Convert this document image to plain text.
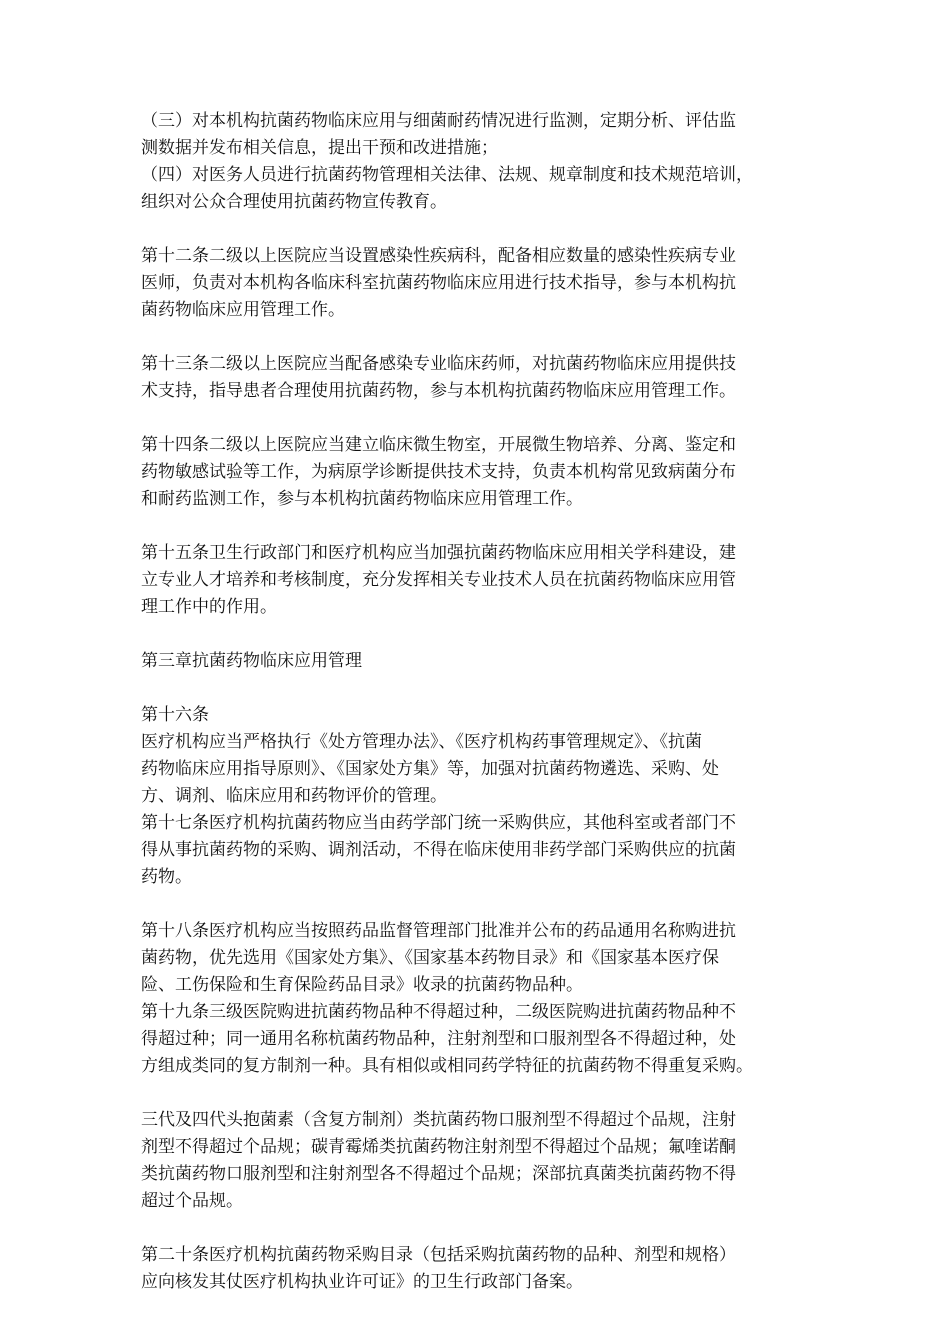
（三）对本机构抗菌药物临床应用与细菌耐药情况进行监测，定期分析、评估监
测数据并发布相关信息，提出干预和改进措施；
（四）对医务人员进行抗菌药物管理相关法律、法规、规章制度和技术规范培训，
组织对公众合理使用抗菌药物宣传教育。
第十二条二级以上医院应当设置感染性疾病科，配备相应数量的感染性疾病专业
医师，负责对本机构各临床科室抗菌药物临床应用进行技术指导，参与本机构抗
菌药物临床应用管理工作。
第十三条二级以上医院应当配备感染专业临床药师，对抗菌药物临床应用提供技
术支持，指导患者合理使用抗菌药物，参与本机构抗菌药物临床应用管理工作。
第十四条二级以上医院应当建立临床微生物室，开展微生物培养、分离、鉴定和
药物敏感试验等工作，为病原学诊断提供技术支持，负责本机构常见致病菌分布
和耐药监测工作，参与本机构抗菌药物临床应用管理工作。
第十五条卫生行政部门和医疗机构应当加强抗菌药物临床应用相关学科建设，建
立专业人才培养和考核制度，充分发挥相关专业技术人员在抗菌药物临床应用管
理工作中的作用。
第三章抗菌药物临床应用管理
第十六条
医疗机构应当严格执行《处方管理办法》、《医疗机构药事管理规定》、《抗菌
药物临床应用指导原则》、《国家处方集》等，加强对抗菌药物遴选、采购、处
方、调剂、临床应用和药物评价的管理。
第十七条医疗机构抗菌药物应当由药学部门统一采购供应，其他科室或者部门不
得从事抗菌药物的采购、调剂活动，不得在临床使用非药学部门采购供应的抗菌
药物。
第十八条医疗机构应当按照药品监督管理部门批准并公布的药品通用名称购进抗
菌药物，优先选用《国家处方集》、《国家基本药物目录》和《国家基本医疗保
险、工伤保险和生育保险药品目录》收录的抗菌药物品种。
第十九条三级医院购进抗菌药物品种不得超过种，二级医院购进抗菌药物品种不
得超过种；同一通用名称杭菌药物品种，注射剂型和口服剂型各不得超过种，处
方组成类同的复方制剂一种。具有相似或相同药学特征的抗菌药物不得重复采购。
三代及四代头抱菌素（含复方制剂）类抗菌药物口服剂型不得超过个品规，注射
剂型不得超过个品规；碳青霉烯类抗菌药物注射剂型不得超过个品规；氟喹诺酮
类抗菌药物口服剂型和注射剂型各不得超过个品规；深部抗真菌类抗菌药物不得
超过个品规。
第二十条医疗机构抗菌药物采购目录（包括采购抗菌药物的品种、剂型和规格）
应向核发其仗医疗机构执业许可证》的卫生行政部门备案。
